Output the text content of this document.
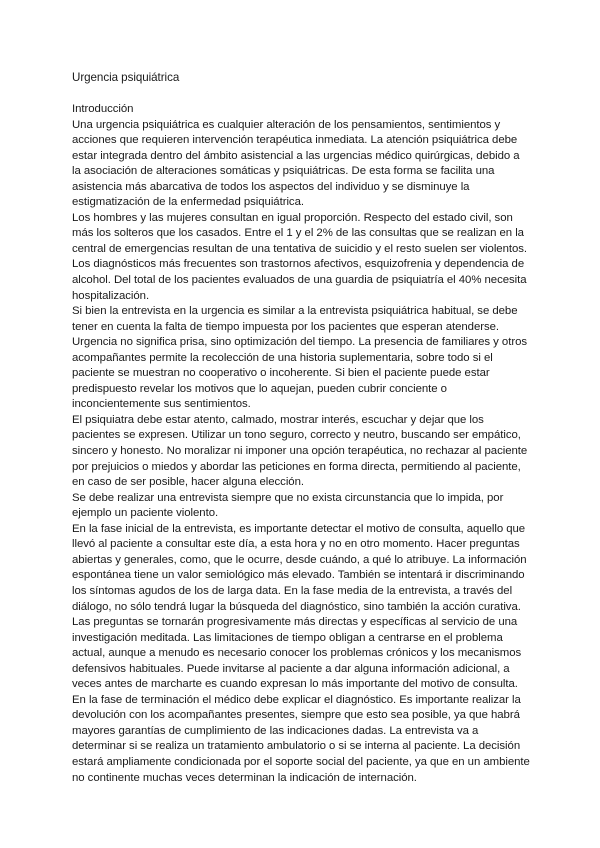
Urgencia psiquiátrica
Introducción

Una urgencia psiquiátrica es cualquier alteración de los pensamientos, sentimientos y acciones que requieren intervención terapéutica inmediata. La atención psiquiátrica debe estar integrada dentro del ámbito asistencial a las urgencias médico quirúrgicas, debido a la asociación de alteraciones somáticas y psiquiátricas. De esta forma se facilita una asistencia más abarcativa de todos los aspectos del individuo y se disminuye la estigmatización de la enfermedad psiquiátrica.

Los hombres y las mujeres consultan en igual proporción. Respecto del estado civil, son más los solteros que los casados. Entre el 1 y el 2% de las consultas que se realizan en la central de emergencias resultan de una tentativa de suicidio y el resto suelen ser violentos. Los diagnósticos más frecuentes son trastornos afectivos, esquizofrenia y dependencia de alcohol. Del total de los pacientes evaluados de una guardia de psiquiatría el 40% necesita hospitalización.

Si bien la entrevista en la urgencia es similar a la entrevista psiquiátrica habitual, se debe tener en cuenta la falta de tiempo impuesta por los pacientes que esperan atenderse. Urgencia no significa prisa, sino optimización del tiempo. La presencia de familiares y otros acompañantes permite la recolección de una historia suplementaria, sobre todo si el paciente se muestran no cooperativo o incoherente. Si bien el paciente puede estar predispuesto revelar los motivos que lo aquejan, pueden cubrir conciente o inconcientemente sus sentimientos.

El psiquiatra debe estar atento, calmado, mostrar interés, escuchar y dejar que los pacientes se expresen. Utilizar un tono seguro, correcto y neutro, buscando ser empático, sincero y honesto. No moralizar ni imponer una opción terapéutica, no rechazar al paciente por prejuicios o miedos y abordar las peticiones en forma directa, permitiendo al paciente, en caso de ser posible, hacer alguna elección.

Se debe realizar una entrevista siempre que no exista circunstancia que lo impida, por ejemplo un paciente violento.

En la fase inicial de la entrevista, es importante detectar el motivo de consulta, aquello que llevó al paciente a consultar este día, a esta hora y no en otro momento. Hacer preguntas abiertas y generales, como, que le ocurre, desde cuándo, a qué lo atribuye. La información espontánea tiene un valor semiológico más elevado. También se intentará ir discriminando los síntomas agudos de los de larga data. En la fase media de la entrevista, a través del diálogo, no sólo tendrá lugar la búsqueda del diagnóstico, sino también la acción curativa. Las preguntas se tornarán progresivamente más directas y específicas al servicio de una investigación meditada. Las limitaciones de tiempo obligan a centrarse en el problema actual, aunque a menudo es necesario conocer los problemas crónicos y los mecanismos defensivos habituales. Puede invitarse al paciente a dar alguna información adicional, a veces antes de marcharte es cuando expresan lo más importante del motivo de consulta.

En la fase de terminación el médico debe explicar el diagnóstico. Es importante realizar la devolución con los acompañantes presentes, siempre que esto sea posible, ya que habrá mayores garantías de cumplimiento de las indicaciones dadas. La entrevista va a determinar si se realiza un tratamiento ambulatorio o si se interna al paciente. La decisión estará ampliamente condicionada por el soporte social del paciente, ya que en un ambiente no continente muchas veces determinan la indicación de internación.
